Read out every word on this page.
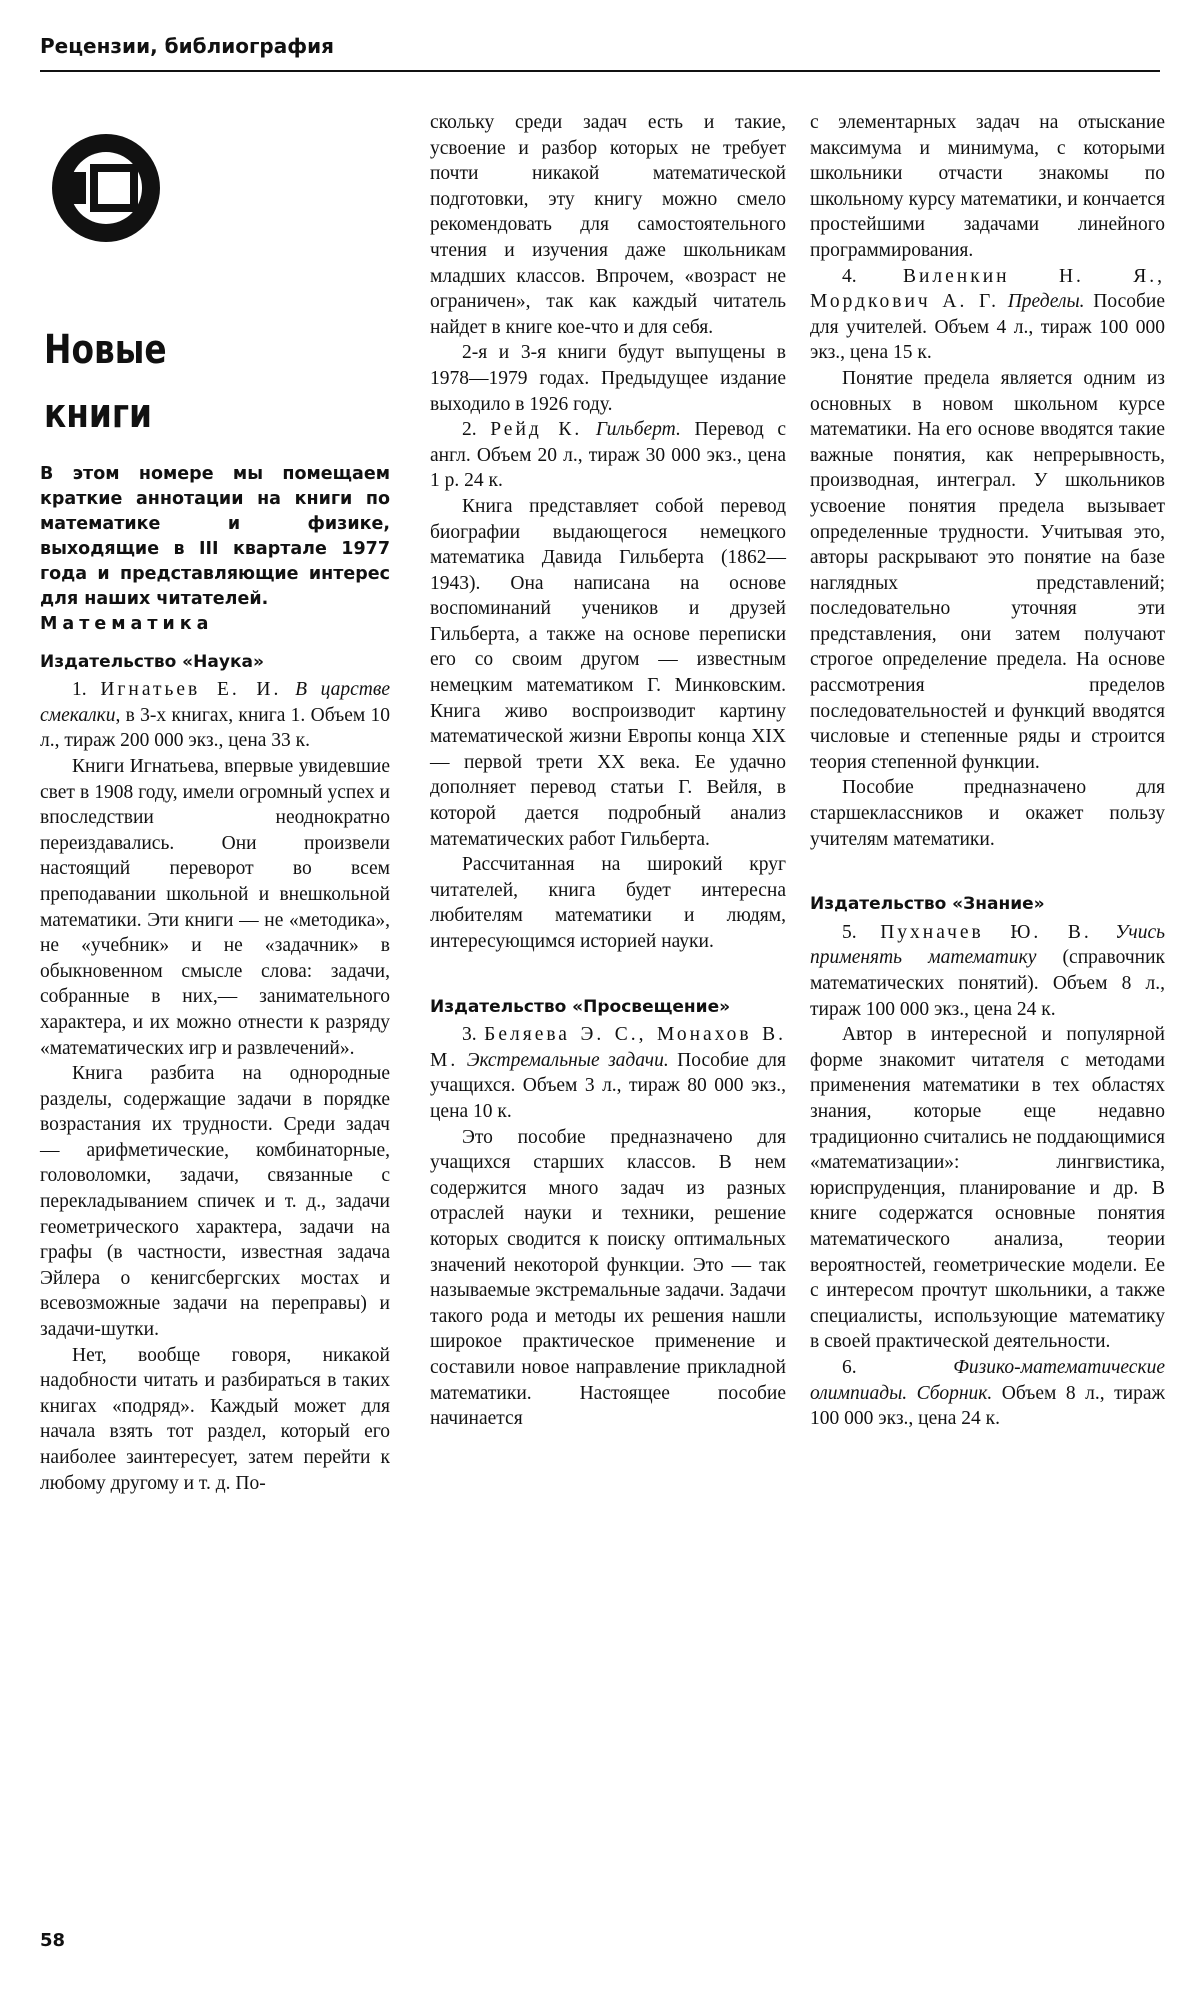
Рецензии, библиография
Новые
книги

В этом номере мы помещаем краткие аннотации на книги по математике и физике, выходящие в III квартале 1977 года и представляющие интерес для наших читателей.

Математика
Издательство «Наука»

1. Игнатьев Е. И. В царстве смекалки, в 3-х книгах, книга 1. Объем 10 л., тираж 200 000 экз., цена 33 к.

Книги Игнатьева, впервые увидевшие свет в 1908 году, имели огромный успех и впоследствии неоднократно переиздавались. Они произвели настоящий переворот во всем преподавании школьной и внешкольной математики. Эти книги — не «методика», не «учебник» и не «задачник» в обыкновенном смысле слова: задачи, собранные в них,— занимательного характера, и их можно отнести к разряду «математических игр и развлечений».

Книга разбита на однородные разделы, содержащие задачи в порядке возрастания их трудности. Среди задач — арифметические, комбинаторные, головоломки, задачи, связанные с перекладыванием спичек и т. д., задачи геометрического характера, задачи на графы (в частности, известная задача Эйлера о кенигсбергских мостах и всевозможные задачи на переправы) и задачи-шутки.

Нет, вообще говоря, никакой надобности читать и разбираться в таких книгах «подряд». Каждый может для начала взять тот раздел, который его наиболее заинтересует, затем перейти к любому другому и т. д. По-

скольку среди задач есть и такие, усвоение и разбор которых не требует почти никакой математической подготовки, эту книгу можно смело рекомендовать для самостоятельного чтения и изучения даже школьникам младших классов. Впрочем, «возраст не ограничен», так как каждый читатель найдет в книге кое-что и для себя.

2-я и 3-я книги будут выпущены в 1978—1979 годах. Предыдущее издание выходило в 1926 году.

2. Рейд К. Гильберт. Перевод с англ. Объем 20 л., тираж 30 000 экз., цена 1 р. 24 к.

Книга представляет собой перевод биографии выдающегося немецкого математика Давида Гильберта (1862—1943). Она написана на основе воспоминаний учеников и друзей Гильберта, а также на основе переписки его со своим другом — известным немецким математиком Г. Минковским. Книга живо воспроизводит картину математической жизни Европы конца XIX — первой трети XX века. Ее удачно дополняет перевод статьи Г. Вейля, в которой дается подробный анализ математических работ Гильберта.

Рассчитанная на широкий круг читателей, книга будет интересна любителям математики и людям, интересующимся историей науки.

Издательство «Просвещение»

3. Беляева Э. С., Монахов В. М. Экстремальные задачи. Пособие для учащихся. Объем 3 л., тираж 80 000 экз., цена 10 к.

Это пособие предназначено для учащихся старших классов. В нем содержится много задач из разных отраслей науки и техники, решение которых сводится к поиску оптимальных значений некоторой функции. Это — так называемые экстремальные задачи. Задачи такого рода и методы их решения нашли широкое практическое применение и составили новое направление прикладной математики. Настоящее пособие начинается

с элементарных задач на отыскание максимума и минимума, с которыми школьники отчасти знакомы по школьному курсу математики, и кончается простейшими задачами линейного программирования.

4. Виленкин Н. Я., Мордкович А. Г. Пределы. Пособие для учителей. Объем 4 л., тираж 100 000 экз., цена 15 к.

Понятие предела является одним из основных в новом школьном курсе математики. На его основе вводятся такие важные понятия, как непрерывность, производная, интеграл. У школьников усвоение понятия предела вызывает определенные трудности. Учитывая это, авторы раскрывают это понятие на базе наглядных представлений; последовательно уточняя эти представления, они затем получают строгое определение предела. На основе рассмотрения пределов последовательностей и функций вводятся числовые и степенные ряды и строится теория степенной функции.

Пособие предназначено для старшеклассников и окажет пользу учителям математики.

Издательство «Знание»

5. Пухначев Ю. В. Учись применять математику (справочник математических понятий). Объем 8 л., тираж 100 000 экз., цена 24 к.

Автор в интересной и популярной форме знакомит читателя с методами применения математики в тех областях знания, которые еще недавно традиционно считались не поддающимися «математизации»: лингвистика, юриспруденция, планирование и др. В книге содержатся основные понятия математического анализа, теории вероятностей, геометрические модели. Ее с интересом прочтут школьники, а также специалисты, использующие математику в своей практической деятельности.

6.	Физико-математические олимпиады. Сборник. Объем 8 л., тираж 100 000 экз., цена 24 к.

58
